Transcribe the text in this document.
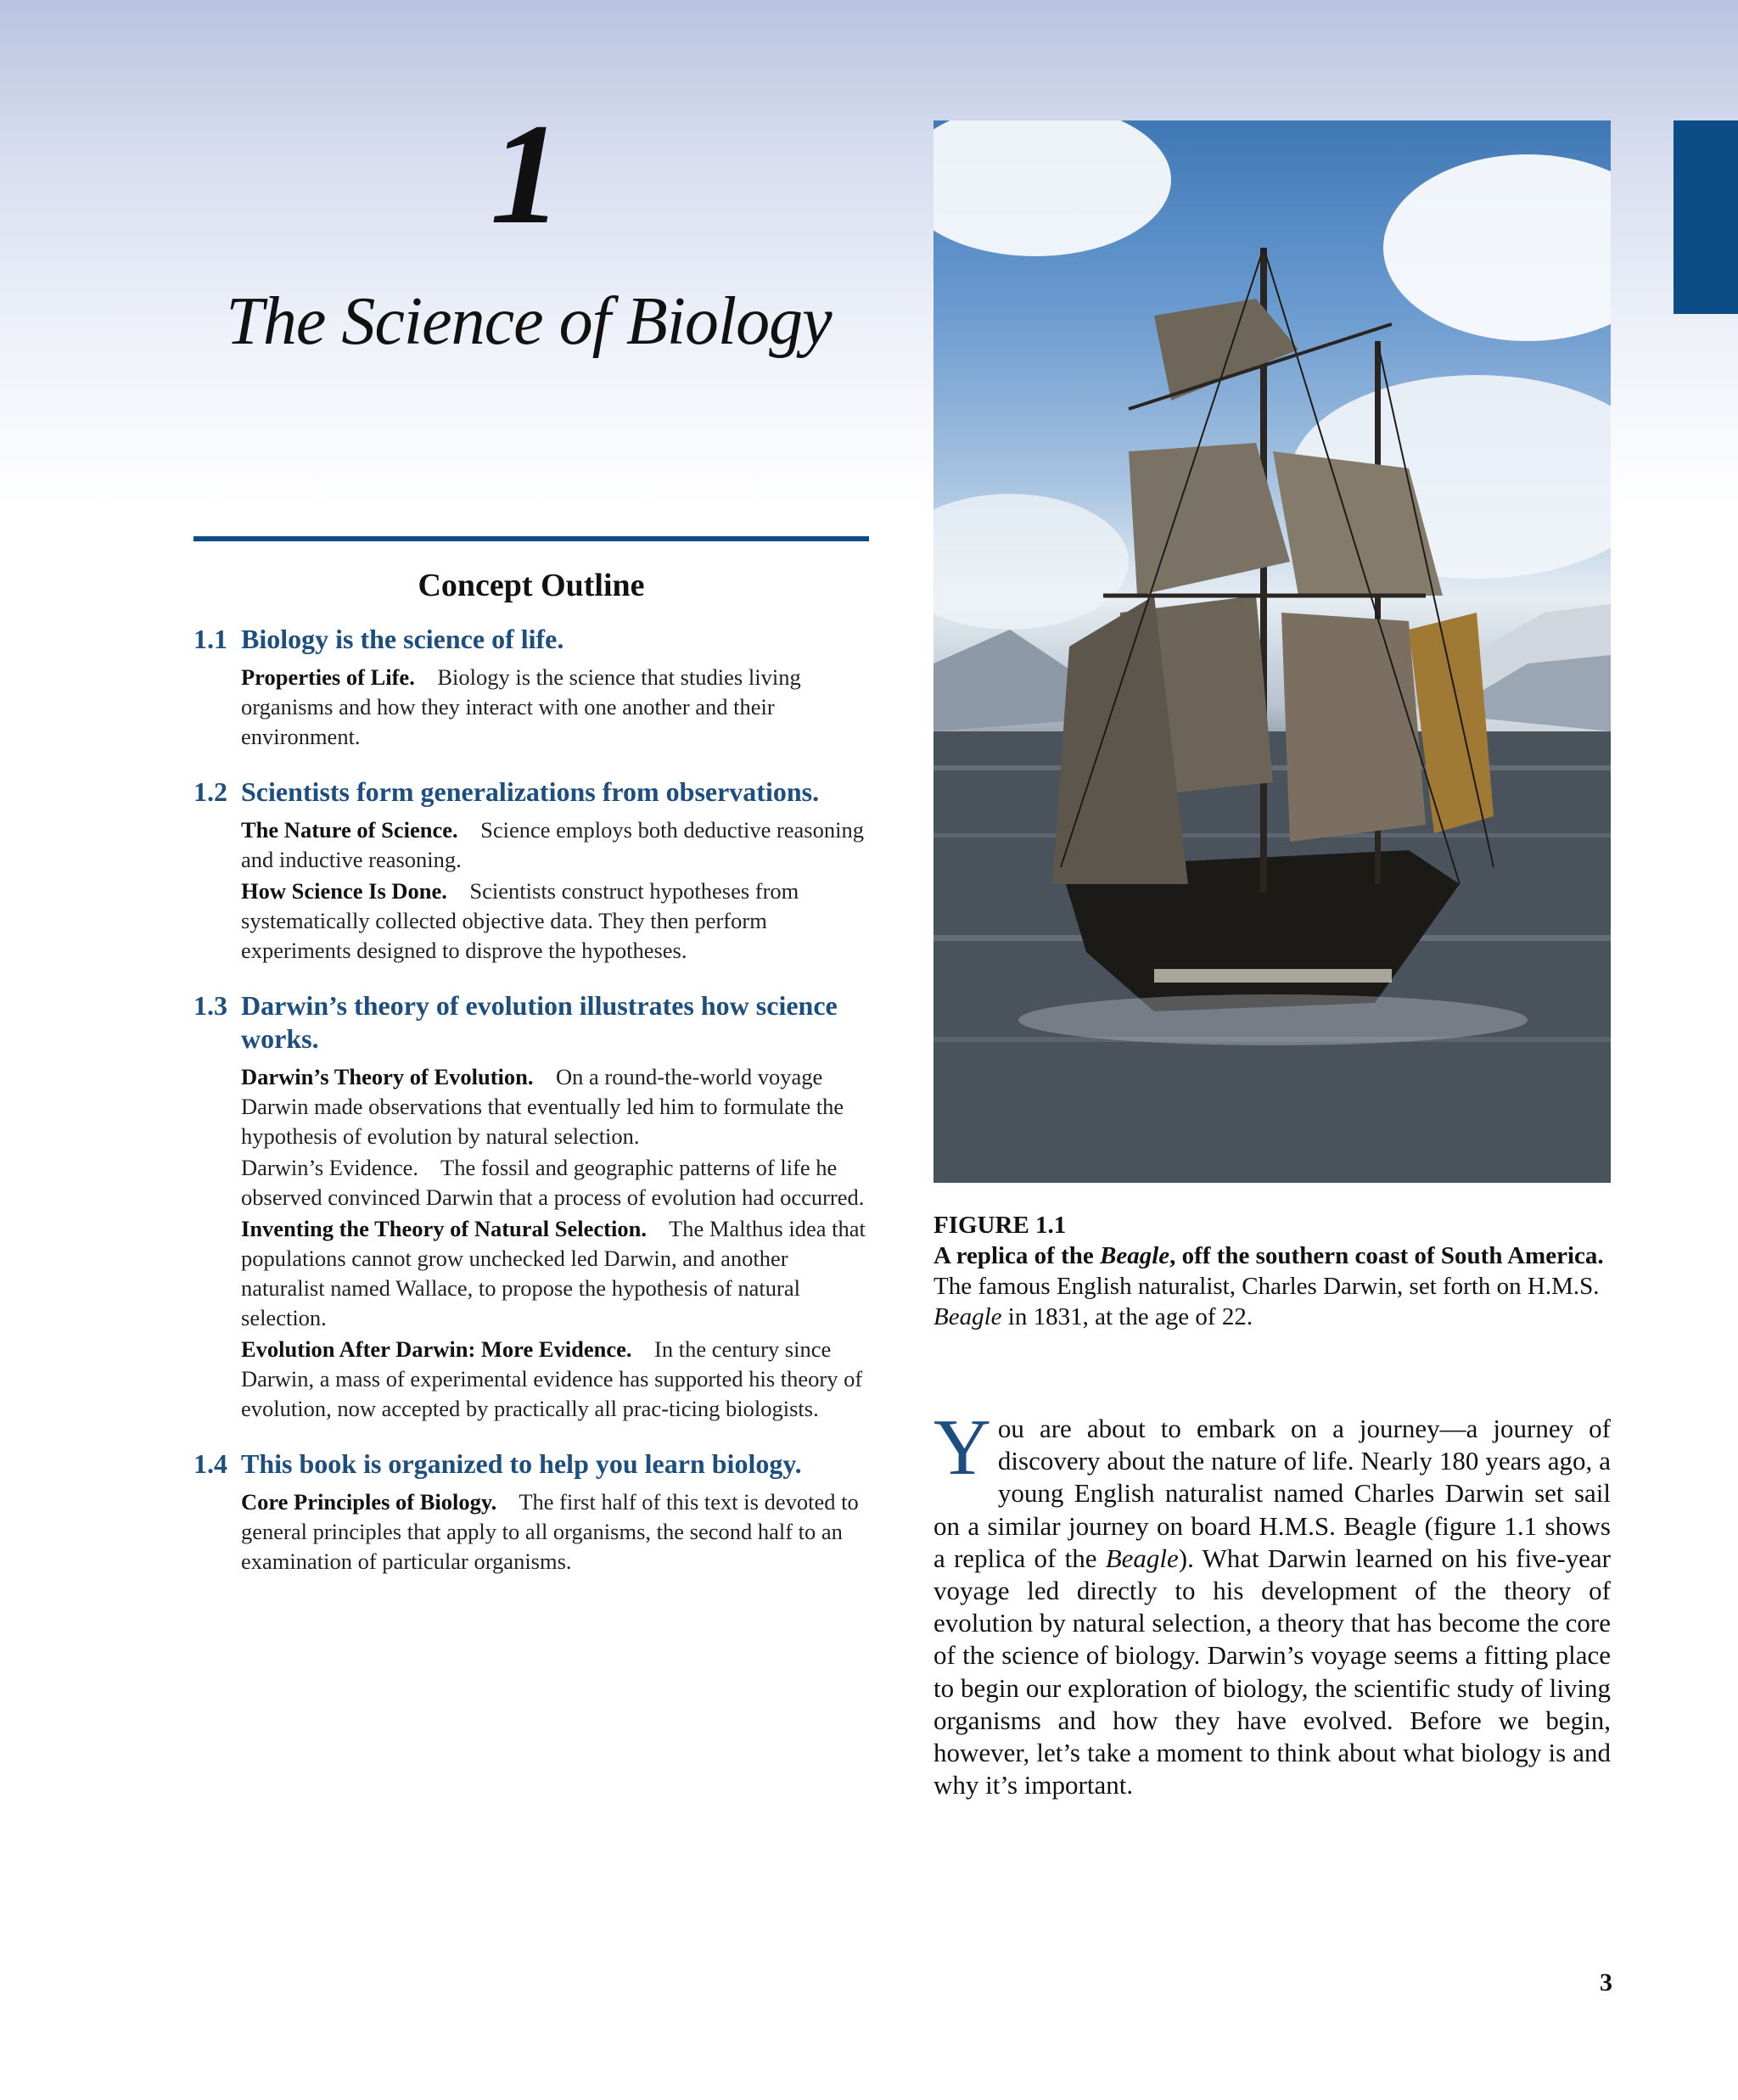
1
The Science of Biology
Concept Outline
1.1 Biology is the science of life.
Properties of Life. Biology is the science that studies living organisms and how they interact with one another and their environment.
1.2 Scientists form generalizations from observations.
The Nature of Science. Science employs both deductive reasoning and inductive reasoning.
How Science Is Done. Scientists construct hypotheses from systematically collected objective data. They then perform experiments designed to disprove the hypotheses.
1.3 Darwin’s theory of evolution illustrates how science works.
Darwin’s Theory of Evolution. On a round-the-world voyage Darwin made observations that eventually led him to formulate the hypothesis of evolution by natural selection.
Darwin’s Evidence. The fossil and geographic patterns of life he observed convinced Darwin that a process of evolution had occurred.
Inventing the Theory of Natural Selection. The Malthus idea that populations cannot grow unchecked led Darwin, and another naturalist named Wallace, to propose the hypothesis of natural selection.
Evolution After Darwin: More Evidence. In the century since Darwin, a mass of experimental evidence has supported his theory of evolution, now accepted by practically all prac-ticing biologists.
1.4 This book is organized to help you learn biology.
Core Principles of Biology. The first half of this text is devoted to general principles that apply to all organisms, the second half to an examination of particular organisms.
FIGURE 1.1
A replica of the Beagle, off the southern coast of South America. The famous English naturalist, Charles Darwin, set forth on H.M.S. Beagle in 1831, at the age of 22.
You are about to embark on a journey—a journey of discovery about the nature of life. Nearly 180 years ago, a young English naturalist named Charles Darwin set sail on a similar journey on board H.M.S. Beagle (figure 1.1 shows a replica of the Beagle). What Darwin learned on his five-year voyage led directly to his development of the theory of evolution by natural selection, a theory that has become the core of the science of biology. Darwin’s voyage seems a fitting place to begin our exploration of biology, the scientific study of living organisms and how they have evolved. Before we begin, however, let’s take a moment to think about what biology is and why it’s important.
3
